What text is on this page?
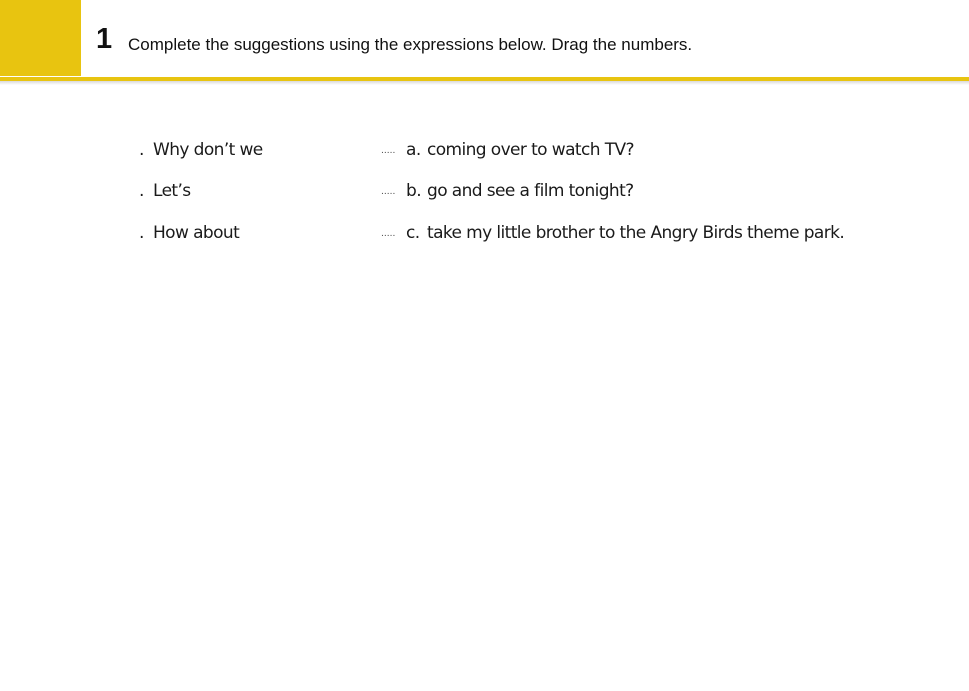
1 Complete the suggestions using the expressions below. Drag the numbers.
. Why don’t we	..... a. coming over to watch TV?
. Let’s	..... b. go and see a film tonight?
. How about	..... c. take my little brother to the Angry Birds theme park.
